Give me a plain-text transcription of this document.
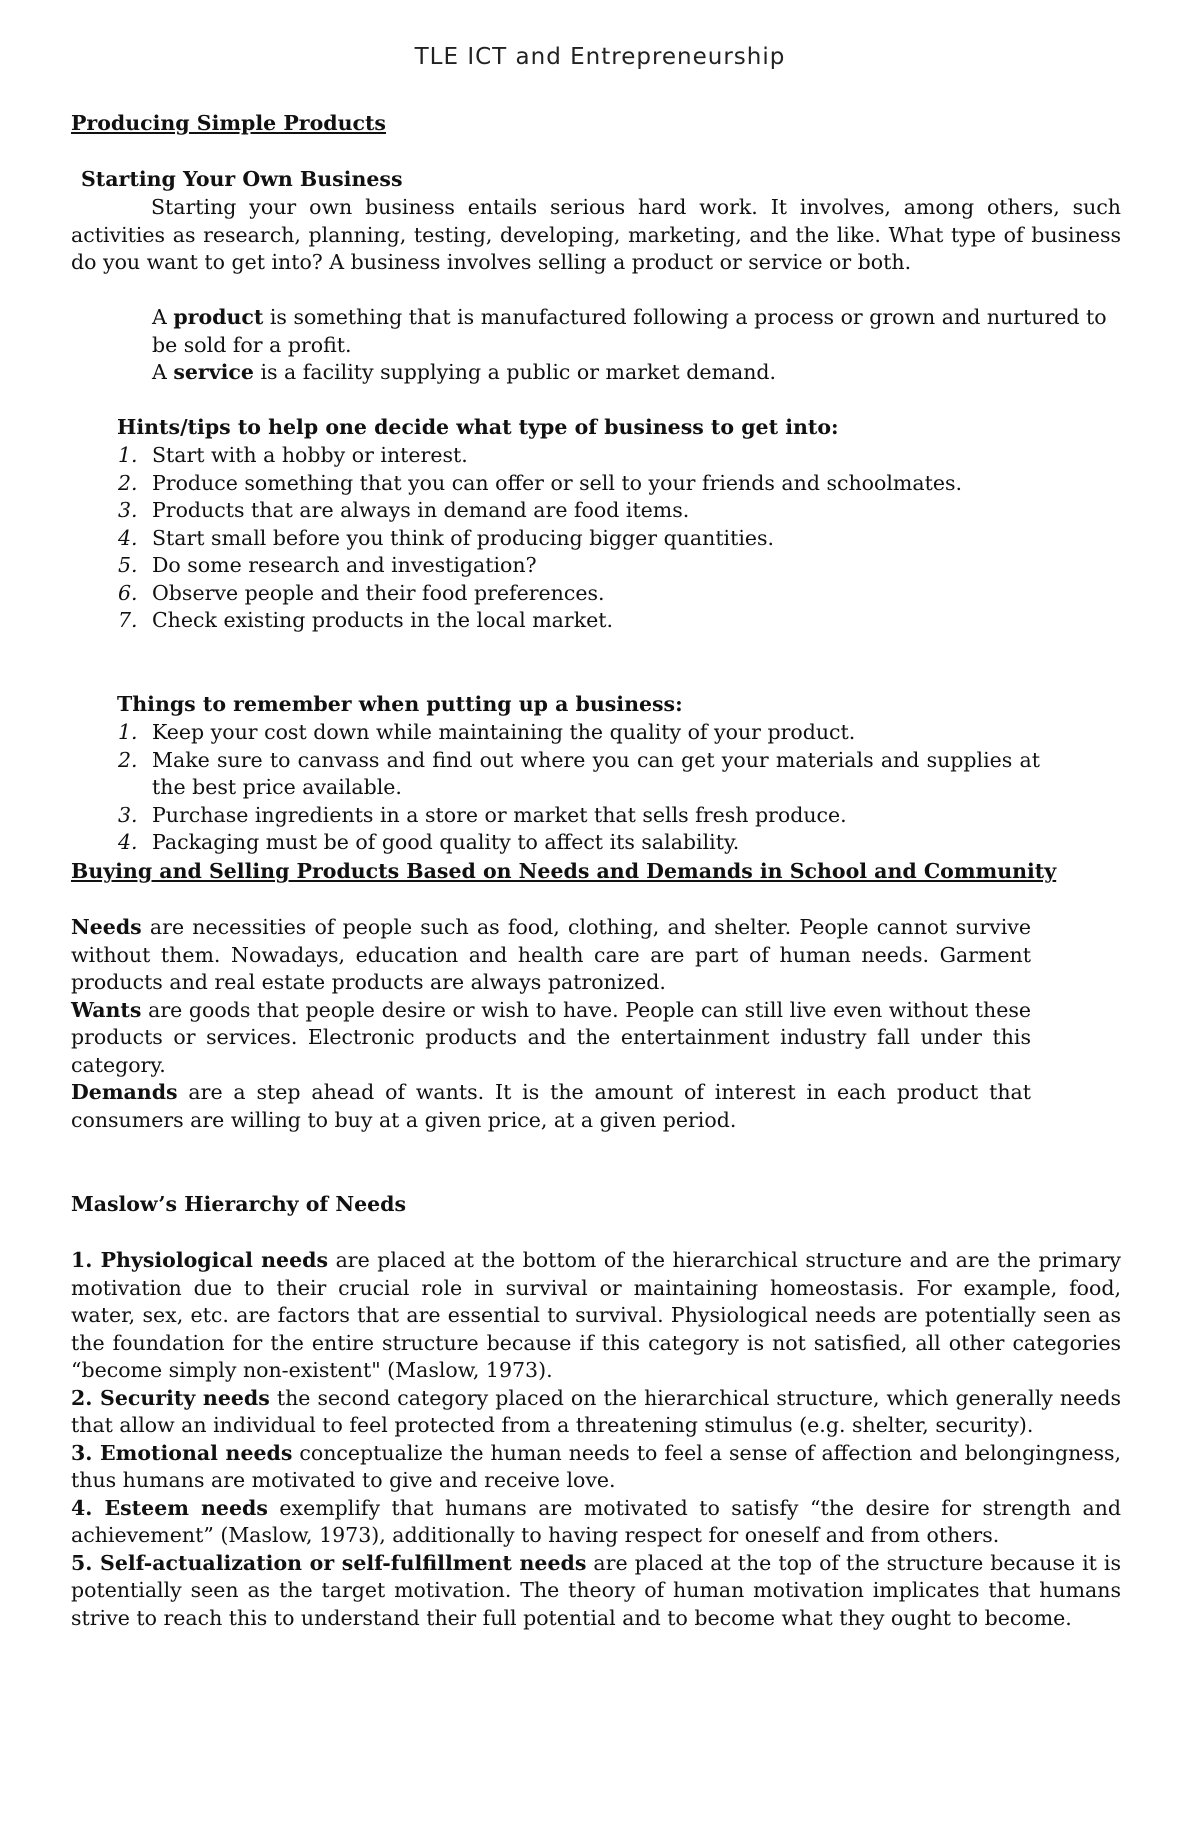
TLE ICT and Entrepreneurship
Producing Simple Products
Starting Your Own Business

Starting your own business entails serious hard work. It involves, among others, such activities as research, planning, testing, developing, marketing, and the like. What type of business do you want to get into? A business involves selling a product or service or both.

A product is something that is manufactured following a process or grown and nurtured to be sold for a profit.
A service is a facility supplying a public or market demand.
Hints/tips to help one decide what type of business to get into:
1. Start with a hobby or interest.
2. Produce something that you can offer or sell to your friends and schoolmates.
3. Products that are always in demand are food items.
4. Start small before you think of producing bigger quantities.
5. Do some research and investigation?
6. Observe people and their food preferences.
7. Check existing products in the local market.
Things to remember when putting up a business:
1. Keep your cost down while maintaining the quality of your product.
2. Make sure to canvass and find out where you can get your materials and supplies at the best price available.
3. Purchase ingredients in a store or market that sells fresh produce.
4. Packaging must be of good quality to affect its salability.
Buying and Selling Products Based on Needs and Demands in School and Community

Needs are necessities of people such as food, clothing, and shelter. People cannot survive without them. Nowadays, education and health care are part of human needs. Garment products and real estate products are always patronized.

Wants are goods that people desire or wish to have. People can still live even without these products or services. Electronic products and the entertainment industry fall under this category.

Demands are a step ahead of wants. It is the amount of interest in each product that consumers are willing to buy at a given price, at a given period.

Maslow’s Hierarchy of Needs

1. Physiological needs are placed at the bottom of the hierarchical structure and are the primary motivation due to their crucial role in survival or maintaining homeostasis. For example, food, water, sex, etc. are factors that are essential to survival. Physiological needs are potentially seen as the foundation for the entire structure because if this category is not satisfied, all other categories “become simply non-existent" (Maslow, 1973).

2. Security needs the second category placed on the hierarchical structure, which generally needs that allow an individual to feel protected from a threatening stimulus (e.g. shelter, security).

3. Emotional needs conceptualize the human needs to feel a sense of affection and belongingness, thus humans are motivated to give and receive love.

4. Esteem needs exemplify that humans are motivated to satisfy “the desire for strength and achievement” (Maslow, 1973), additionally to having respect for oneself and from others.

5. Self-actualization or self-fulfillment needs are placed at the top of the structure because it is potentially seen as the target motivation. The theory of human motivation implicates that humans strive to reach this to understand their full potential and to become what they ought to become.
